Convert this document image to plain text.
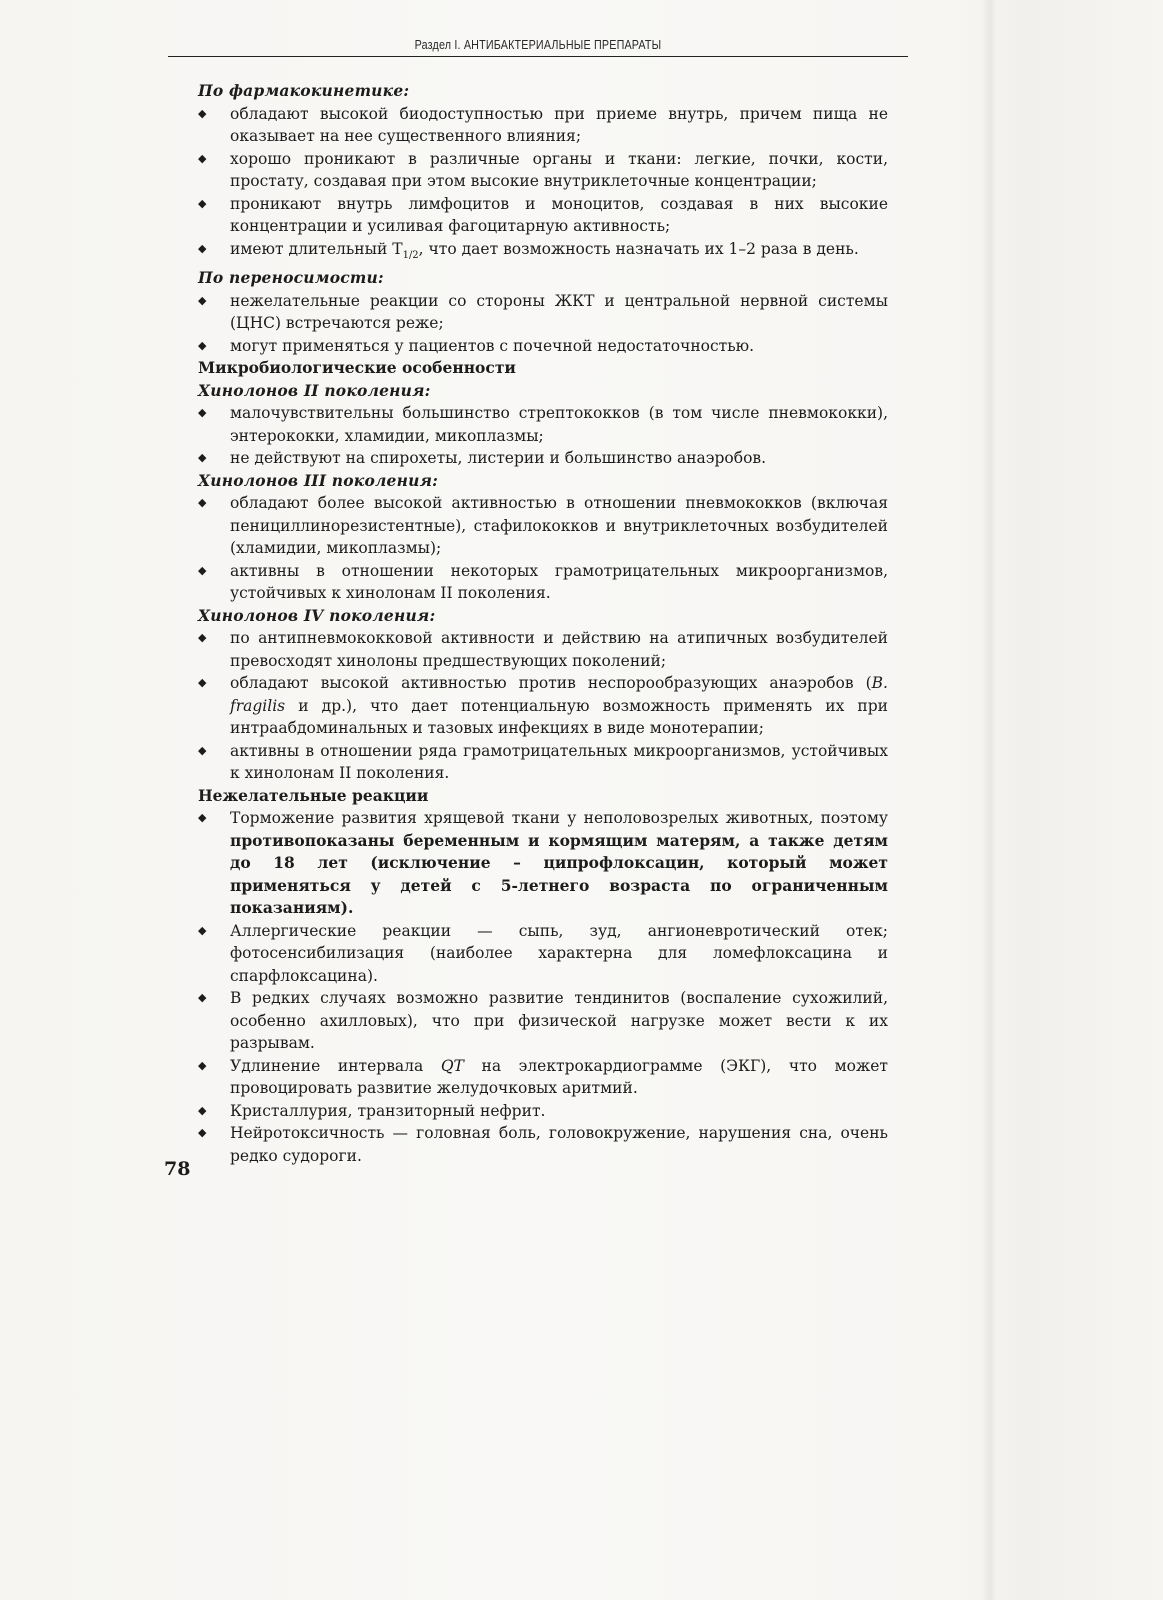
Раздел I. АНТИБАКТЕРИАЛЬНЫЕ ПРЕПАРАТЫ

По фармакокинетике:

◆
обладают высокой биодоступностью при приеме внутрь, причем пища не оказывает на нее существенного влияния;
◆
хорошо проникают в различные органы и ткани: легкие, почки, кости, простату, создавая при этом высокие внутриклеточные концентрации;
◆
проникают внутрь лимфоцитов и моноцитов, создавая в них высокие концентрации и усиливая фагоцитарную активность;
◆
имеют длительный $Т_{1/2}$, что дает возможность назначать их 1–2 раза в день.

По переносимости:

◆
нежелательные реакции со стороны ЖКТ и центральной нервной системы (ЦНС) встречаются реже;
◆
могут применяться у пациентов с почечной недостаточностью.

Микробиологические особенности

Хинолонов II поколения:

◆
малочувствительны большинство стрептококков (в том числе пневмококки), энтерококки, хламидии, микоплазмы;
◆
не действуют на спирохеты, листерии и большинство анаэробов.

Хинолонов III поколения:

◆
обладают более высокой активностью в отношении пневмококков (включая пенициллинорезистентные), стафилококков и внутриклеточных возбудителей (хламидии, микоплазмы);
◆
активны в отношении некоторых грамотрицательных микроорганизмов, устойчивых к хинолонам II поколения.

Хинолонов IV поколения:

◆
по антипневмококковой активности и действию на атипичных возбудителей превосходят хинолоны предшествующих поколений;
◆
обладают высокой активностью против неспорообразующих анаэробов (B. fragilis и др.), что дает потенциальную возможность применять их при интраабдоминальных и тазовых инфекциях в виде монотерапии;
◆
активны в отношении ряда грамотрицательных микроорганизмов, устойчивых к хинолонам II поколения.

Нежелательные реакции

◆
Торможение развития хрящевой ткани у неполовозрелых животных, поэтому противопоказаны беременным и кормящим матерям, а также детям до 18 лет (исключение – ципрофлоксацин, который может применяться у детей с 5-летнего возраста по ограниченным показаниям).
◆
Аллергические реакции — сыпь, зуд, ангионевротический отек; фотосенсибилизация (наиболее характерна для ломефлоксацина и спарфлоксацина).
◆
В редких случаях возможно развитие тендинитов (воспаление сухожилий, особенно ахилловых), что при физической нагрузке может вести к их разрывам.
◆
Удлинение интервала QT на электрокардиограмме (ЭКГ), что может провоцировать развитие желудочковых аритмий.
◆
Кристаллурия, транзиторный нефрит.
◆
Нейротоксичность — головная боль, головокружение, нарушения сна, очень редко судороги.
78
